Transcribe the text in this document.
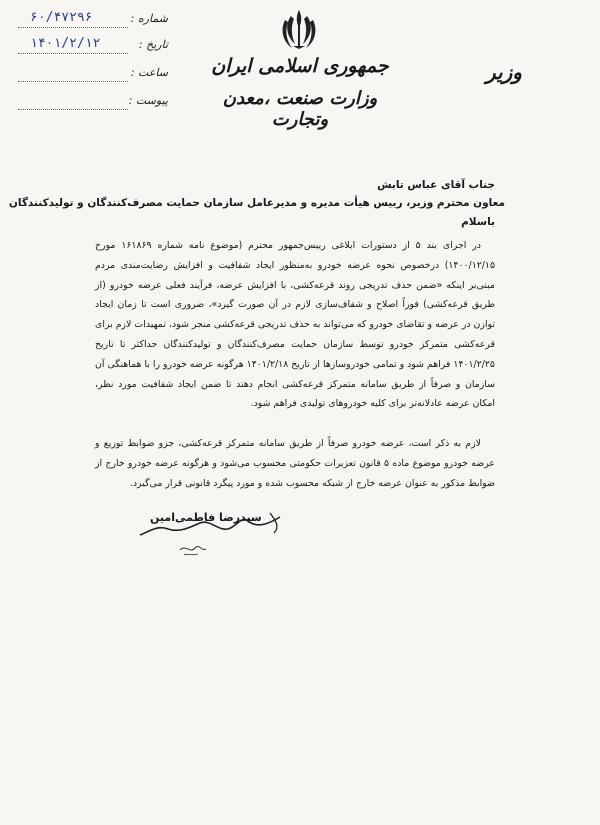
شماره :
۶۰/۴۷۲۹۶
تاریخ :
۱۴۰۱/۲/۱۲
ساعت :
پیوست :
جمهوری اسلامی ایران
وزارت صنعت ،معدن وتجارت
وزیر
جناب آقای عباس تابش
معاون محترم وزیر، رییس هیأت مدیره و مدیرعامل سازمان حمایت مصرف‌کنندگان و تولیدکنندگان
باسلام
در اجرای بند ۵ از دستورات ابلاغی رییس‌جمهور محترم (موضوع نامه شماره ۱۶۱۸۶۹ مورخ ۱۴۰۰/۱۲/۱۵) درخصوص نحوه عرضه خودرو به‌منظور ایجاد شفافیت و افزایش رضایت‌مندی مردم مبنی‌بر اینکه «ضمن حذف تدریجی روند قرعه‌کشی، با افزایش عرضه، فرآیند فعلی عرضه خودرو (از طریق قرعه‌کشی) فوراً اصلاح و شفاف‌سازی لازم در آن صورت گیرد»، ضروری است تا زمان ایجاد توازن در عرضه و تقاضای خودرو که می‌تواند به حذف تدریجی قرعه‌کشی منجر شود، تمهیدات لازم برای قرعه‌کشی متمرکز خودرو توسط سازمان حمایت مصرف‌کنندگان و تولیدکنندگان حداکثر تا تاریخ ۱۴۰۱/۲/۲۵ فراهم شود و تمامی خودروسازها از تاریخ ۱۴۰۱/۲/۱۸ هرگونه عرضه خودرو را با هماهنگی آن سازمان و صرفاً از طریق سامانه متمرکز قرعه‌کشی انجام دهند تا ضمن ایجاد شفافیت مورد نظر، امکان عرضه عادلانه‌تر برای کلیه خودروهای تولیدی فراهم شود.
لازم به ذکر است، عرضه خودرو صرفاً از طریق سامانه متمرکز قرعه‌کشی، جزو ضوابط توزیع و عرضه خودرو موضوع ماده ۵ قانون تعزیرات حکومتی محسوب می‌شود و هرگونه عرضه خودرو خارج از ضوابط مذکور به عنوان عرضه خارج از شبکه محسوب شده و مورد پیگرد قانونی قرار می‌گیرد.
سیدرضا فاطمی‌امین
